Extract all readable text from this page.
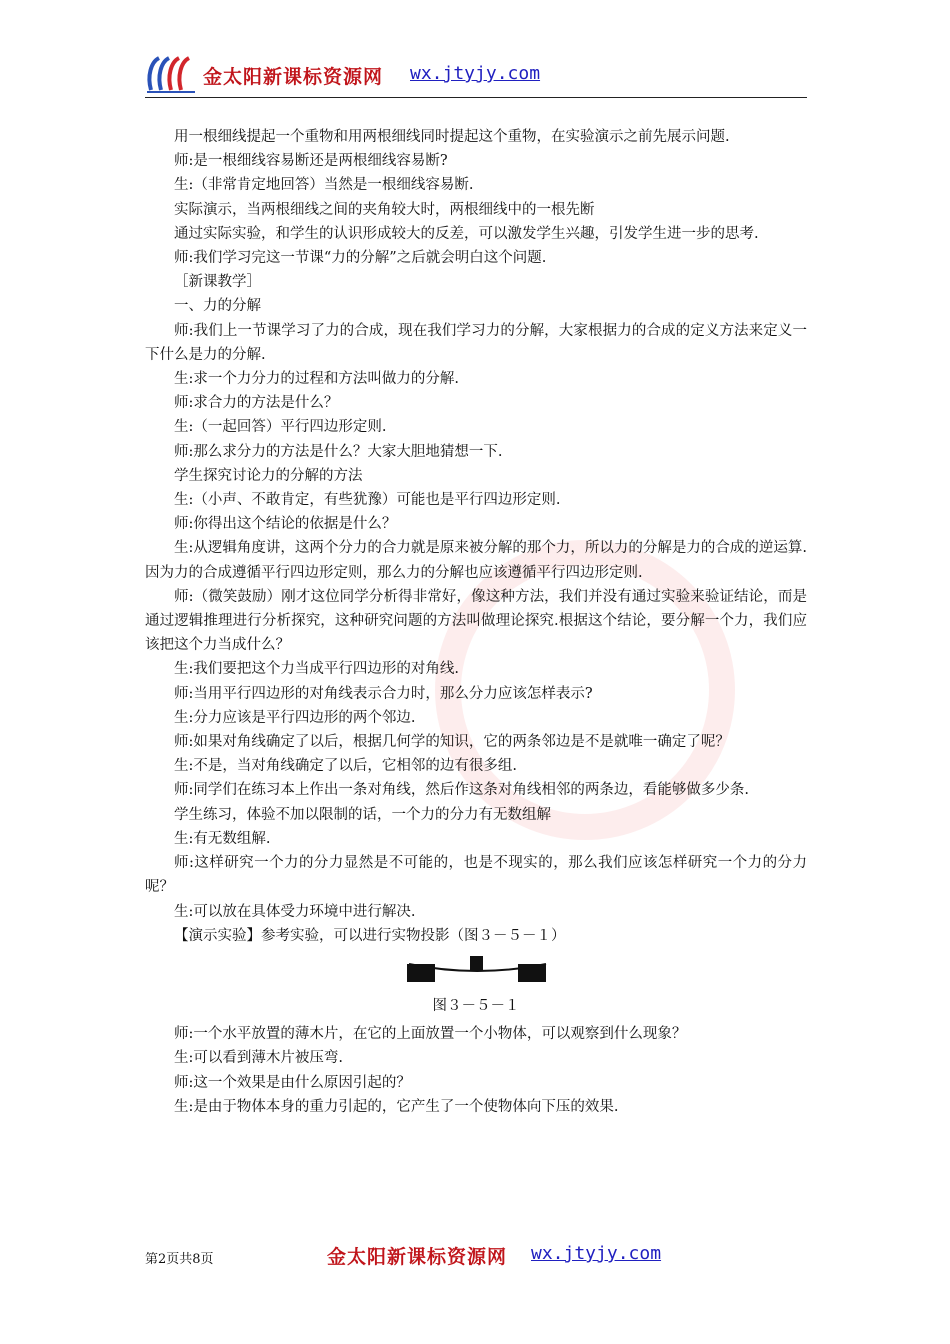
金太阳新课标资源网 wx.jtyjy.com

用一根细线提起一个重物和用两根细线同时提起这个重物，在实验演示之前先展示问题.

师:是一根细线容易断还是两根细线容易断?

生:（非常肯定地回答）当然是一根细线容易断.

实际演示，当两根细线之间的夹角较大时，两根细线中的一根先断

通过实际实验，和学生的认识形成较大的反差，可以激发学生兴趣，引发学生进一步的思考.

师:我们学习完这一节课“力的分解”之后就会明白这个问题.

［新课教学］

一、力的分解

师:我们上一节课学习了力的合成，现在我们学习力的分解，大家根据力的合成的定义方法来定义一下什么是力的分解.

生:求一个力分力的过程和方法叫做力的分解.

师:求合力的方法是什么？

生:（一起回答）平行四边形定则.

师:那么求分力的方法是什么？大家大胆地猜想一下.

学生探究讨论力的分解的方法

生:（小声、不敢肯定，有些犹豫）可能也是平行四边形定则.

师:你得出这个结论的依据是什么？

生:从逻辑角度讲，这两个分力的合力就是原来被分解的那个力，所以力的分解是力的合成的逆运算.因为力的合成遵循平行四边形定则，那么力的分解也应该遵循平行四边形定则.

师:（微笑鼓励）刚才这位同学分析得非常好，像这种方法，我们并没有通过实验来验证结论，而是通过逻辑推理进行分析探究，这种研究问题的方法叫做理论探究.根据这个结论，要分解一个力，我们应该把这个力当成什么？

生:我们要把这个力当成平行四边形的对角线.

师:当用平行四边形的对角线表示合力时，那么分力应该怎样表示?

生:分力应该是平行四边形的两个邻边.

师:如果对角线确定了以后，根据几何学的知识，它的两条邻边是不是就唯一确定了呢？

生:不是，当对角线确定了以后，它相邻的边有很多组.

师:同学们在练习本上作出一条对角线，然后作这条对角线相邻的两条边，看能够做多少条.

学生练习，体验不加以限制的话，一个力的分力有无数组解

生:有无数组解.

师:这样研究一个力的分力显然是不可能的，也是不现实的，那么我们应该怎样研究一个力的分力呢？

生:可以放在具体受力环境中进行解决.

【演示实验】参考实验，可以进行实物投影（图３－５－１）

图３－５－１

师:一个水平放置的薄木片，在它的上面放置一个小物体，可以观察到什么现象？

生:可以看到薄木片被压弯.

师:这一个效果是由什么原因引起的？

生:是由于物体本身的重力引起的，它产生了一个使物体向下压的效果.

第2页共8页	金太阳新课标资源网 wx.jtyjy.com
